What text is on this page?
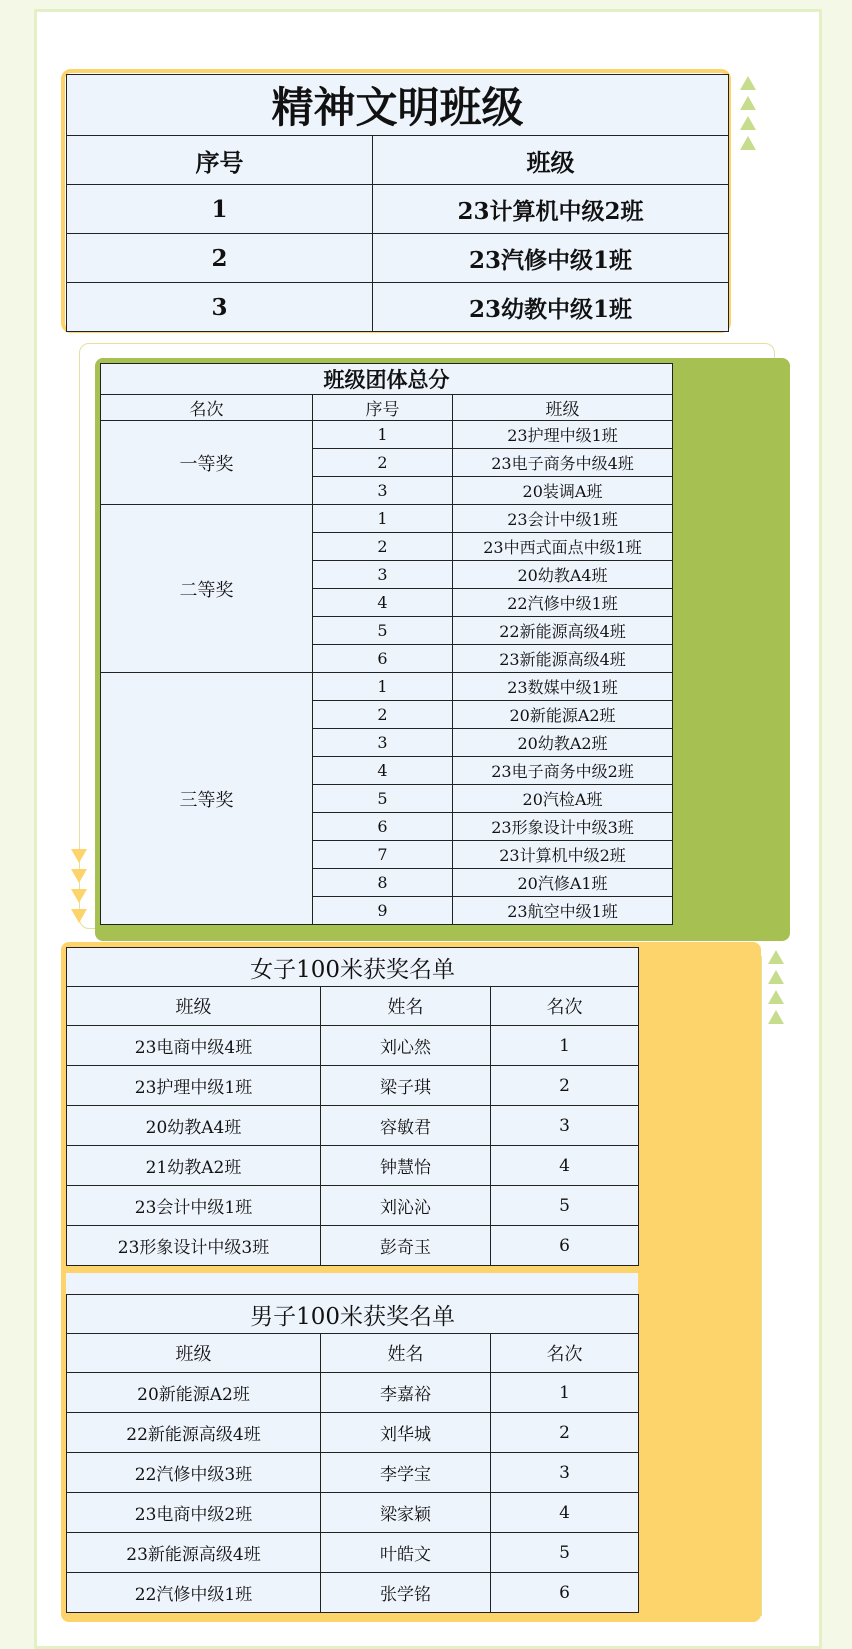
精神文明班级	
序号	班级
1	23计算机中级2班
2	23汽修中级1班
3	23幼教中级1班
班级团体总分		
名次	序号	班级
一等奖	1	23护理中级1班
	2	23电子商务中级4班
	3	20装调A班
二等奖	1	23会计中级1班
	2	23中西式面点中级1班
	3	20幼教A4班
	4	22汽修中级1班
	5	22新能源高级4班
	6	23新能源高级4班
三等奖	1	23数媒中级1班
	2	20新能源A2班
	3	20幼教A2班
	4	23电子商务中级2班
	5	20汽检A班
	6	23形象设计中级3班
	7	23计算机中级2班
	8	20汽修A1班
	9	23航空中级1班
女子100米获奖名单		
班级	姓名	名次
23电商中级4班	刘心然	1
23护理中级1班	梁子琪	2
20幼教A4班	容敏君	3
21幼教A2班	钟慧怡	4
23会计中级1班	刘沁沁	5
23形象设计中级3班	彭奇玉	6
男子100米获奖名单		
班级	姓名	名次
20新能源A2班	李嘉裕	1
22新能源高级4班	刘华城	2
22汽修中级3班	李学宝	3
23电商中级2班	梁家颖	4
23新能源高级4班	叶皓文	5
22汽修中级1班	张学铭	6
